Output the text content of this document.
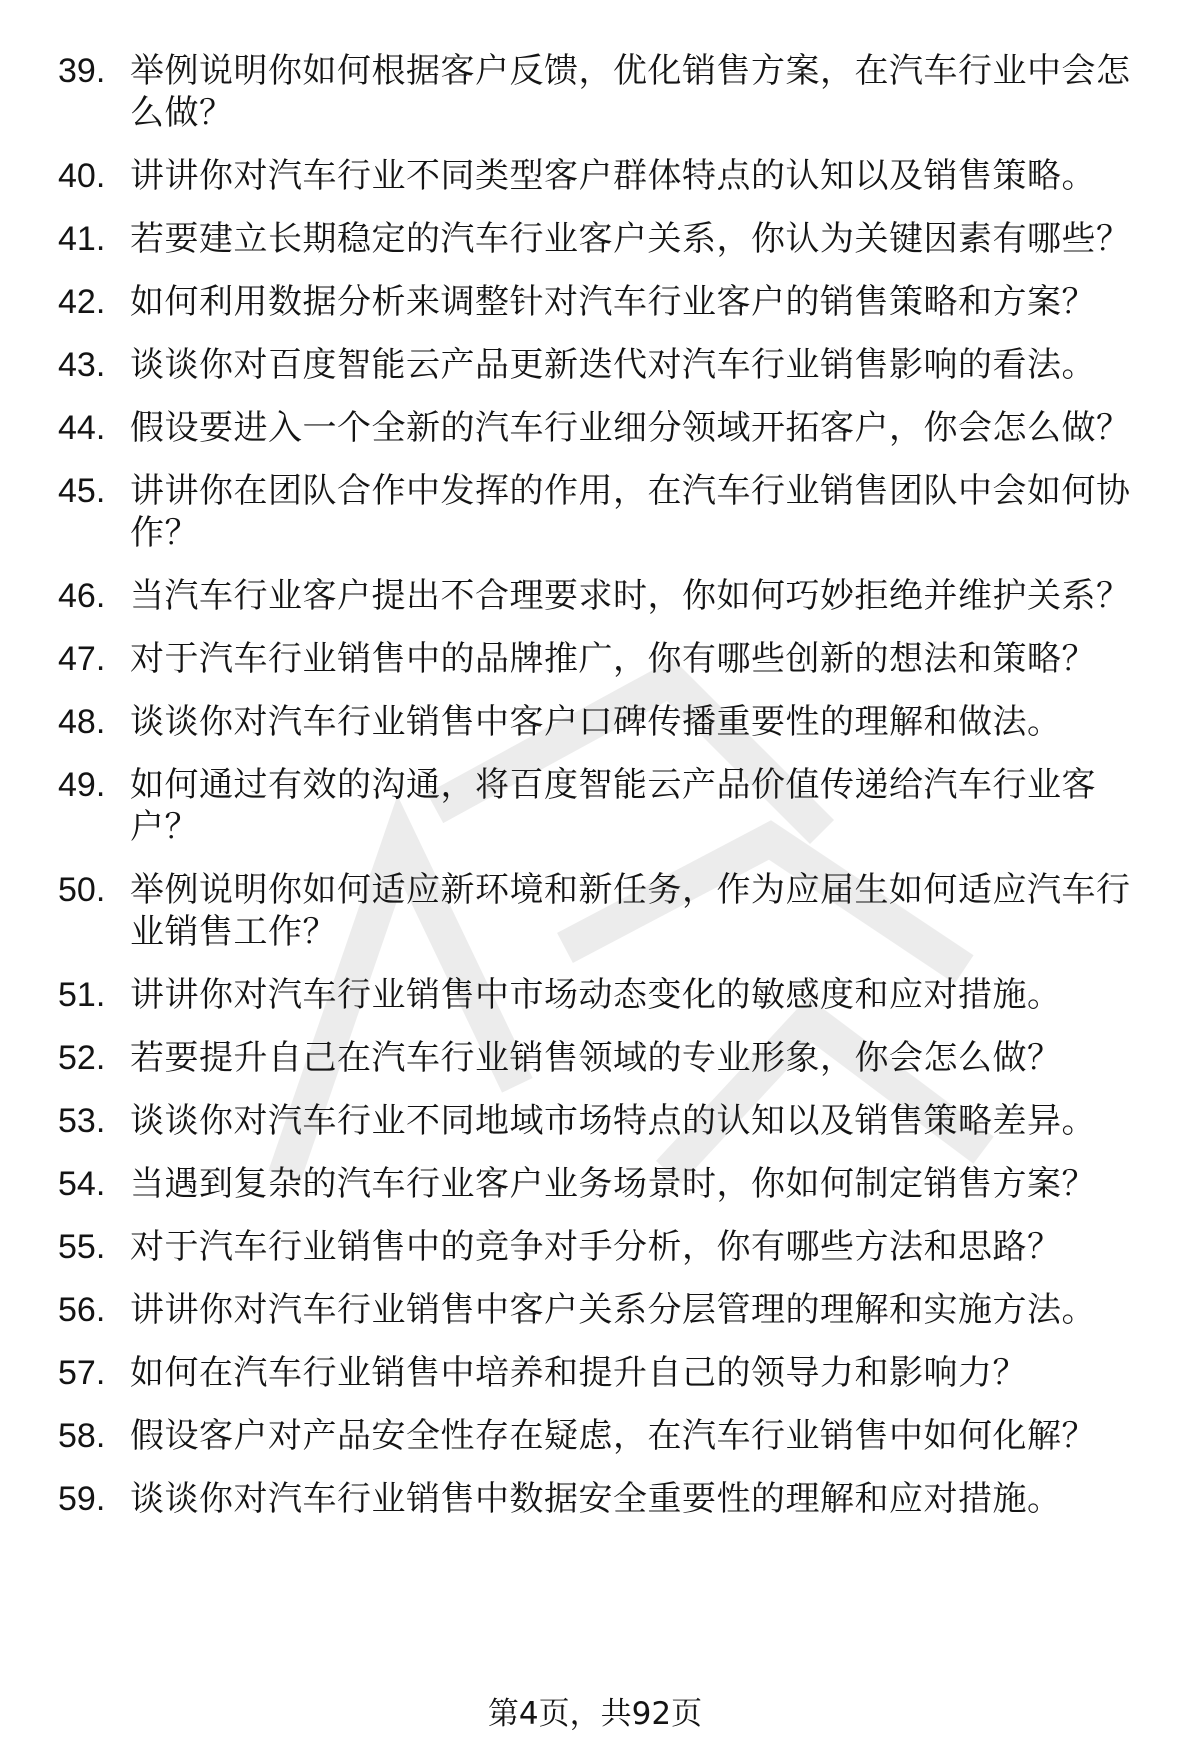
39. 举例说明你如何根据客户反馈，优化销售方案，在汽车行业中会怎么做？
40. 讲讲你对汽车行业不同类型客户群体特点的认知以及销售策略。
41. 若要建立长期稳定的汽车行业客户关系，你认为关键因素有哪些？
42. 如何利用数据分析来调整针对汽车行业客户的销售策略和方案？
43. 谈谈你对百度智能云产品更新迭代对汽车行业销售影响的看法。
44. 假设要进入一个全新的汽车行业细分领域开拓客户，你会怎么做？
45. 讲讲你在团队合作中发挥的作用，在汽车行业销售团队中会如何协作？
46. 当汽车行业客户提出不合理要求时，你如何巧妙拒绝并维护关系？
47. 对于汽车行业销售中的品牌推广，你有哪些创新的想法和策略？
48. 谈谈你对汽车行业销售中客户口碑传播重要性的理解和做法。
49. 如何通过有效的沟通，将百度智能云产品价值传递给汽车行业客户？
50. 举例说明你如何适应新环境和新任务，作为应届生如何适应汽车行业销售工作？
51. 讲讲你对汽车行业销售中市场动态变化的敏感度和应对措施。
52. 若要提升自己在汽车行业销售领域的专业形象，你会怎么做？
53. 谈谈你对汽车行业不同地域市场特点的认知以及销售策略差异。
54. 当遇到复杂的汽车行业客户业务场景时，你如何制定销售方案？
55. 对于汽车行业销售中的竞争对手分析，你有哪些方法和思路？
56. 讲讲你对汽车行业销售中客户关系分层管理的理解和实施方法。
57. 如何在汽车行业销售中培养和提升自己的领导力和影响力？
58. 假设客户对产品安全性存在疑虑，在汽车行业销售中如何化解？
59. 谈谈你对汽车行业销售中数据安全重要性的理解和应对措施。
第4页，共92页
